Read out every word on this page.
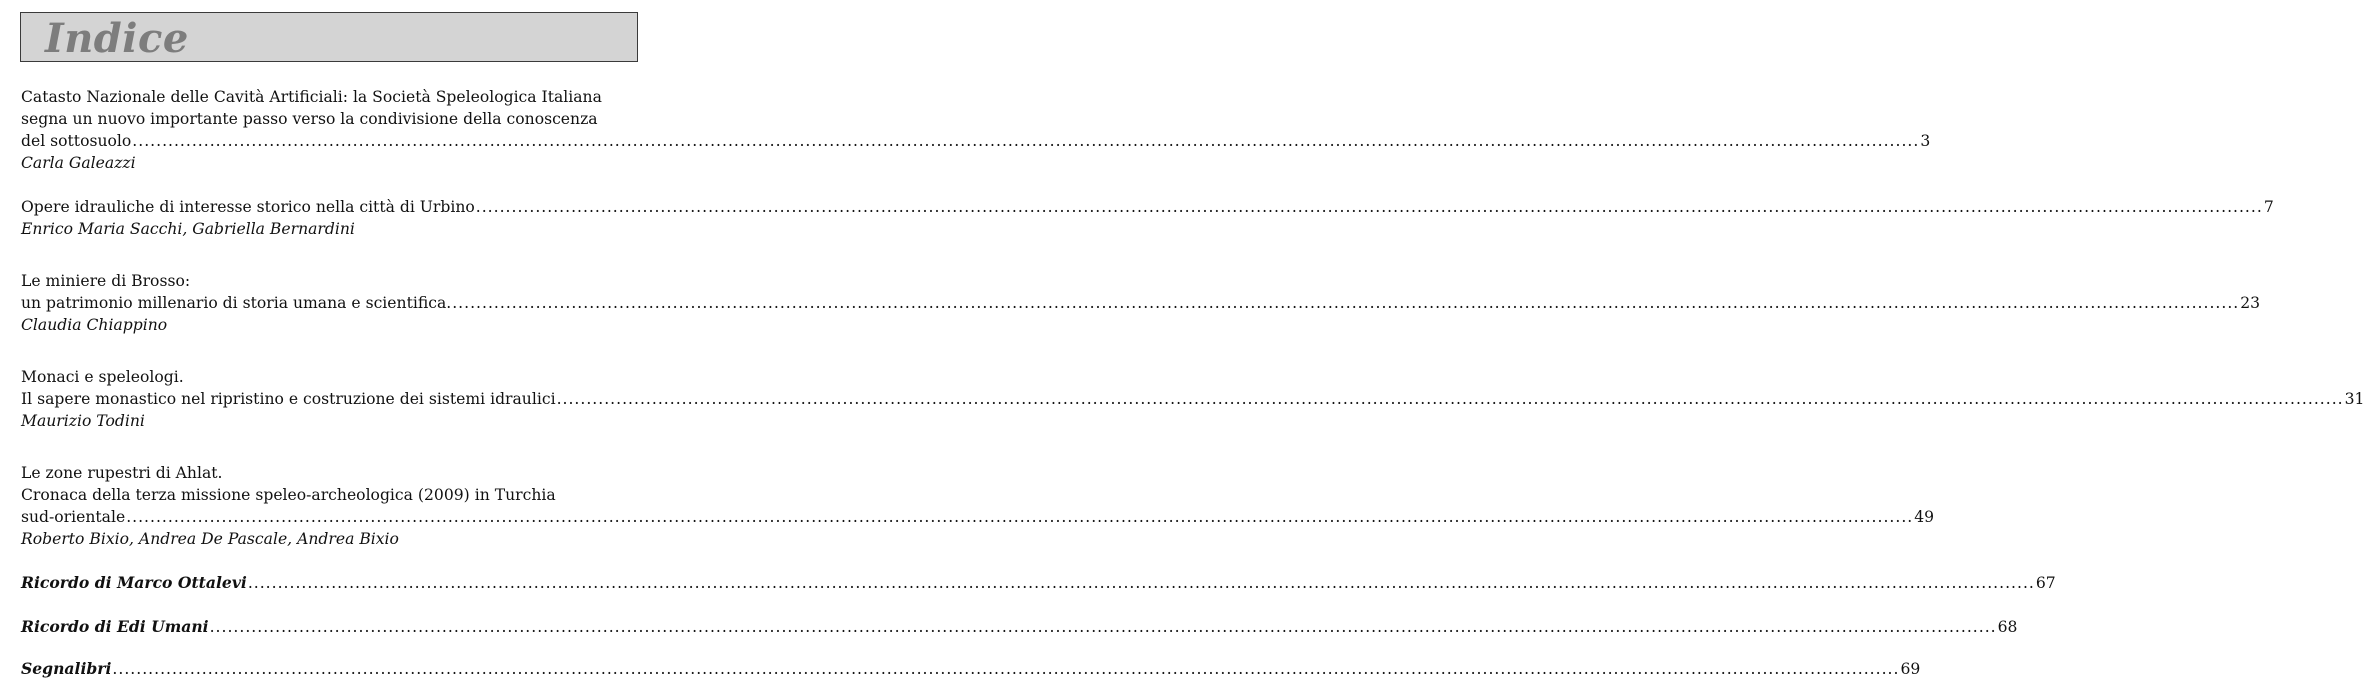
Indice
Catasto Nazionale delle Cavità Artificiali: la Società Speleologica Italiana
segna un nuovo importante passo verso la condivisione della conoscenza
del sottosuolo ............................................................................................................................................................................................................................................................................................................ 3
Carla Galeazzi
Opere idrauliche di interesse storico nella città di Urbino ............................................................................................................................................................................................................................................................................................................ 7
Enrico Maria Sacchi, Gabriella Bernardini
Le miniere di Brosso:
un patrimonio millenario di storia umana e scientifica. ............................................................................................................................................................................................................................................................................................................ 23
Claudia Chiappino
Monaci e speleologi.
Il sapere monastico nel ripristino e costruzione dei sistemi idraulici ............................................................................................................................................................................................................................................................................................................ 31
Maurizio Todini
Le zone rupestri di Ahlat.
Cronaca della terza missione speleo-archeologica (2009) in Turchia
sud-orientale ............................................................................................................................................................................................................................................................................................................ 49
Roberto Bixio, Andrea De Pascale, Andrea Bixio
Ricordo di Marco Ottalevi ............................................................................................................................................................................................................................................................................................................ 67
Ricordo di Edi Umani ............................................................................................................................................................................................................................................................................................................ 68
Segnalibri ............................................................................................................................................................................................................................................................................................................ 69
